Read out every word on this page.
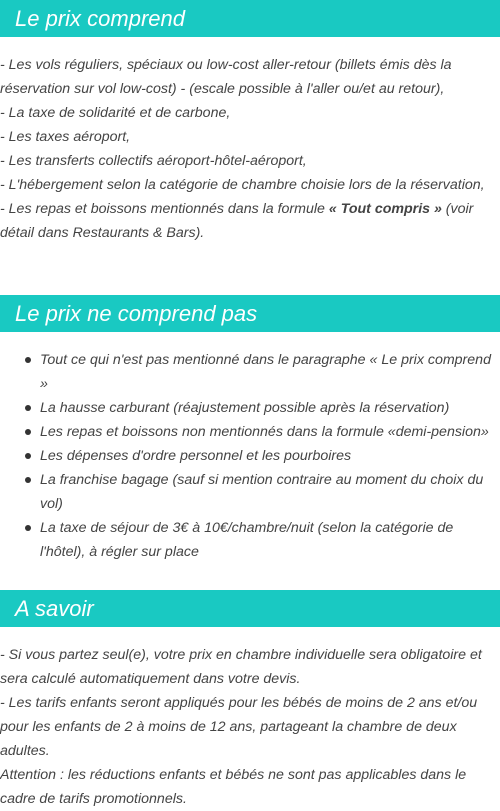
Le prix comprend
- Les vols réguliers, spéciaux ou low-cost aller-retour (billets émis dès la réservation sur vol low-cost) - (escale possible à l'aller ou/et au retour),
- La taxe de solidarité et de carbone,
- Les taxes aéroport,
- Les transferts collectifs aéroport-hôtel-aéroport,
- L'hébergement selon la catégorie de chambre choisie lors de la réservation,
- Les repas et boissons mentionnés dans la formule « Tout compris » (voir détail dans Restaurants & Bars).
Le prix ne comprend pas
Tout ce qui n'est pas mentionné dans le paragraphe « Le prix comprend »
La hausse carburant (réajustement possible après la réservation)
Les repas et boissons non mentionnés dans la formule «demi-pension»
Les dépenses d'ordre personnel et les pourboires
La franchise bagage (sauf si mention contraire au moment du choix du vol)
La taxe de séjour de 3€ à 10€/chambre/nuit (selon la catégorie de l'hôtel), à régler sur place
A savoir
- Si vous partez seul(e), votre prix en chambre individuelle sera obligatoire et sera calculé automatiquement dans votre devis.
- Les tarifs enfants seront appliqués pour les bébés de moins de 2 ans et/ou pour les enfants de 2 à moins de 12 ans, partageant la chambre de deux adultes.
Attention : les réductions enfants et bébés ne sont pas applicables dans le cadre de tarifs promotionnels.
